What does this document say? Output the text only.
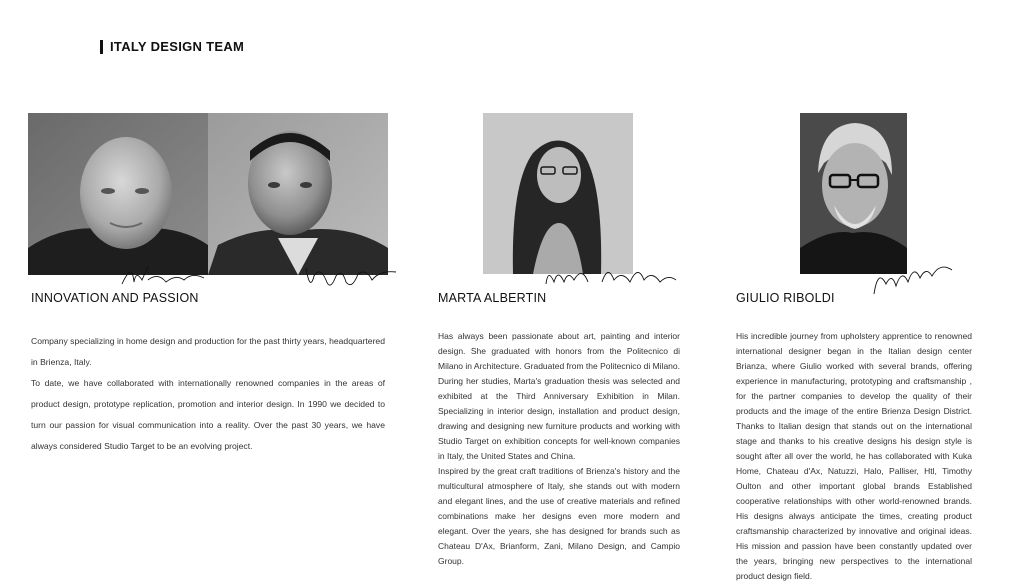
ITALY DESIGN TEAM
INNOVATION AND PASSION

Company specializing in home design and production for the past thirty years, headquartered in Brienza, Italy.

To date, we have collaborated with internationally renowned companies in the areas of product design, prototype replication, promotion and interior design. In 1990 we decided to turn our passion for visual communication into a reality. Over the past 30 years, we have always considered Studio Target to be an evolving project.

MARTA ALBERTIN

Has always been passionate about art, painting and interior design. She graduated with honors from the Politecnico di Milano in Architecture. Graduated from the Politecnico di Milano. During her studies, Marta's graduation thesis was selected and exhibited at the Third Anniversary Exhibition in Milan. Specializing in interior design, installation and product design, drawing and designing new furniture products and working with Studio Target on exhibition concepts for well-known companies in Italy, the United States and China.

Inspired by the great craft traditions of Brienza's history and the multicultural atmosphere of Italy, she stands out with modern and elegant lines, and the use of creative materials and refined combinations make her designs even more modern and elegant. Over the years, she has designed for brands such as Chateau D'Ax, Brianform, Zani, Milano Design, and Campio Group.

GIULIO RIBOLDI

His incredible journey from upholstery apprentice to renowned international designer began in the Italian design center Brianza, where Giulio worked with several brands, offering experience in manufacturing, prototyping and craftsmanship , for the partner companies to develop the quality of their products and the image of the entire Brienza Design District. Thanks to Italian design that stands out on the international stage and thanks to his creative designs his design style is sought after all over the world, he has collaborated with Kuka Home, Chateau d'Ax, Natuzzi, Halo, Palliser, Htl, Timothy Oulton and other important global brands Established cooperative relationships with other world-renowned brands. His designs always anticipate the times, creating product craftsmanship characterized by innovative and original ideas. His mission and passion have been constantly updated over the years, bringing new perspectives to the international product design field.
